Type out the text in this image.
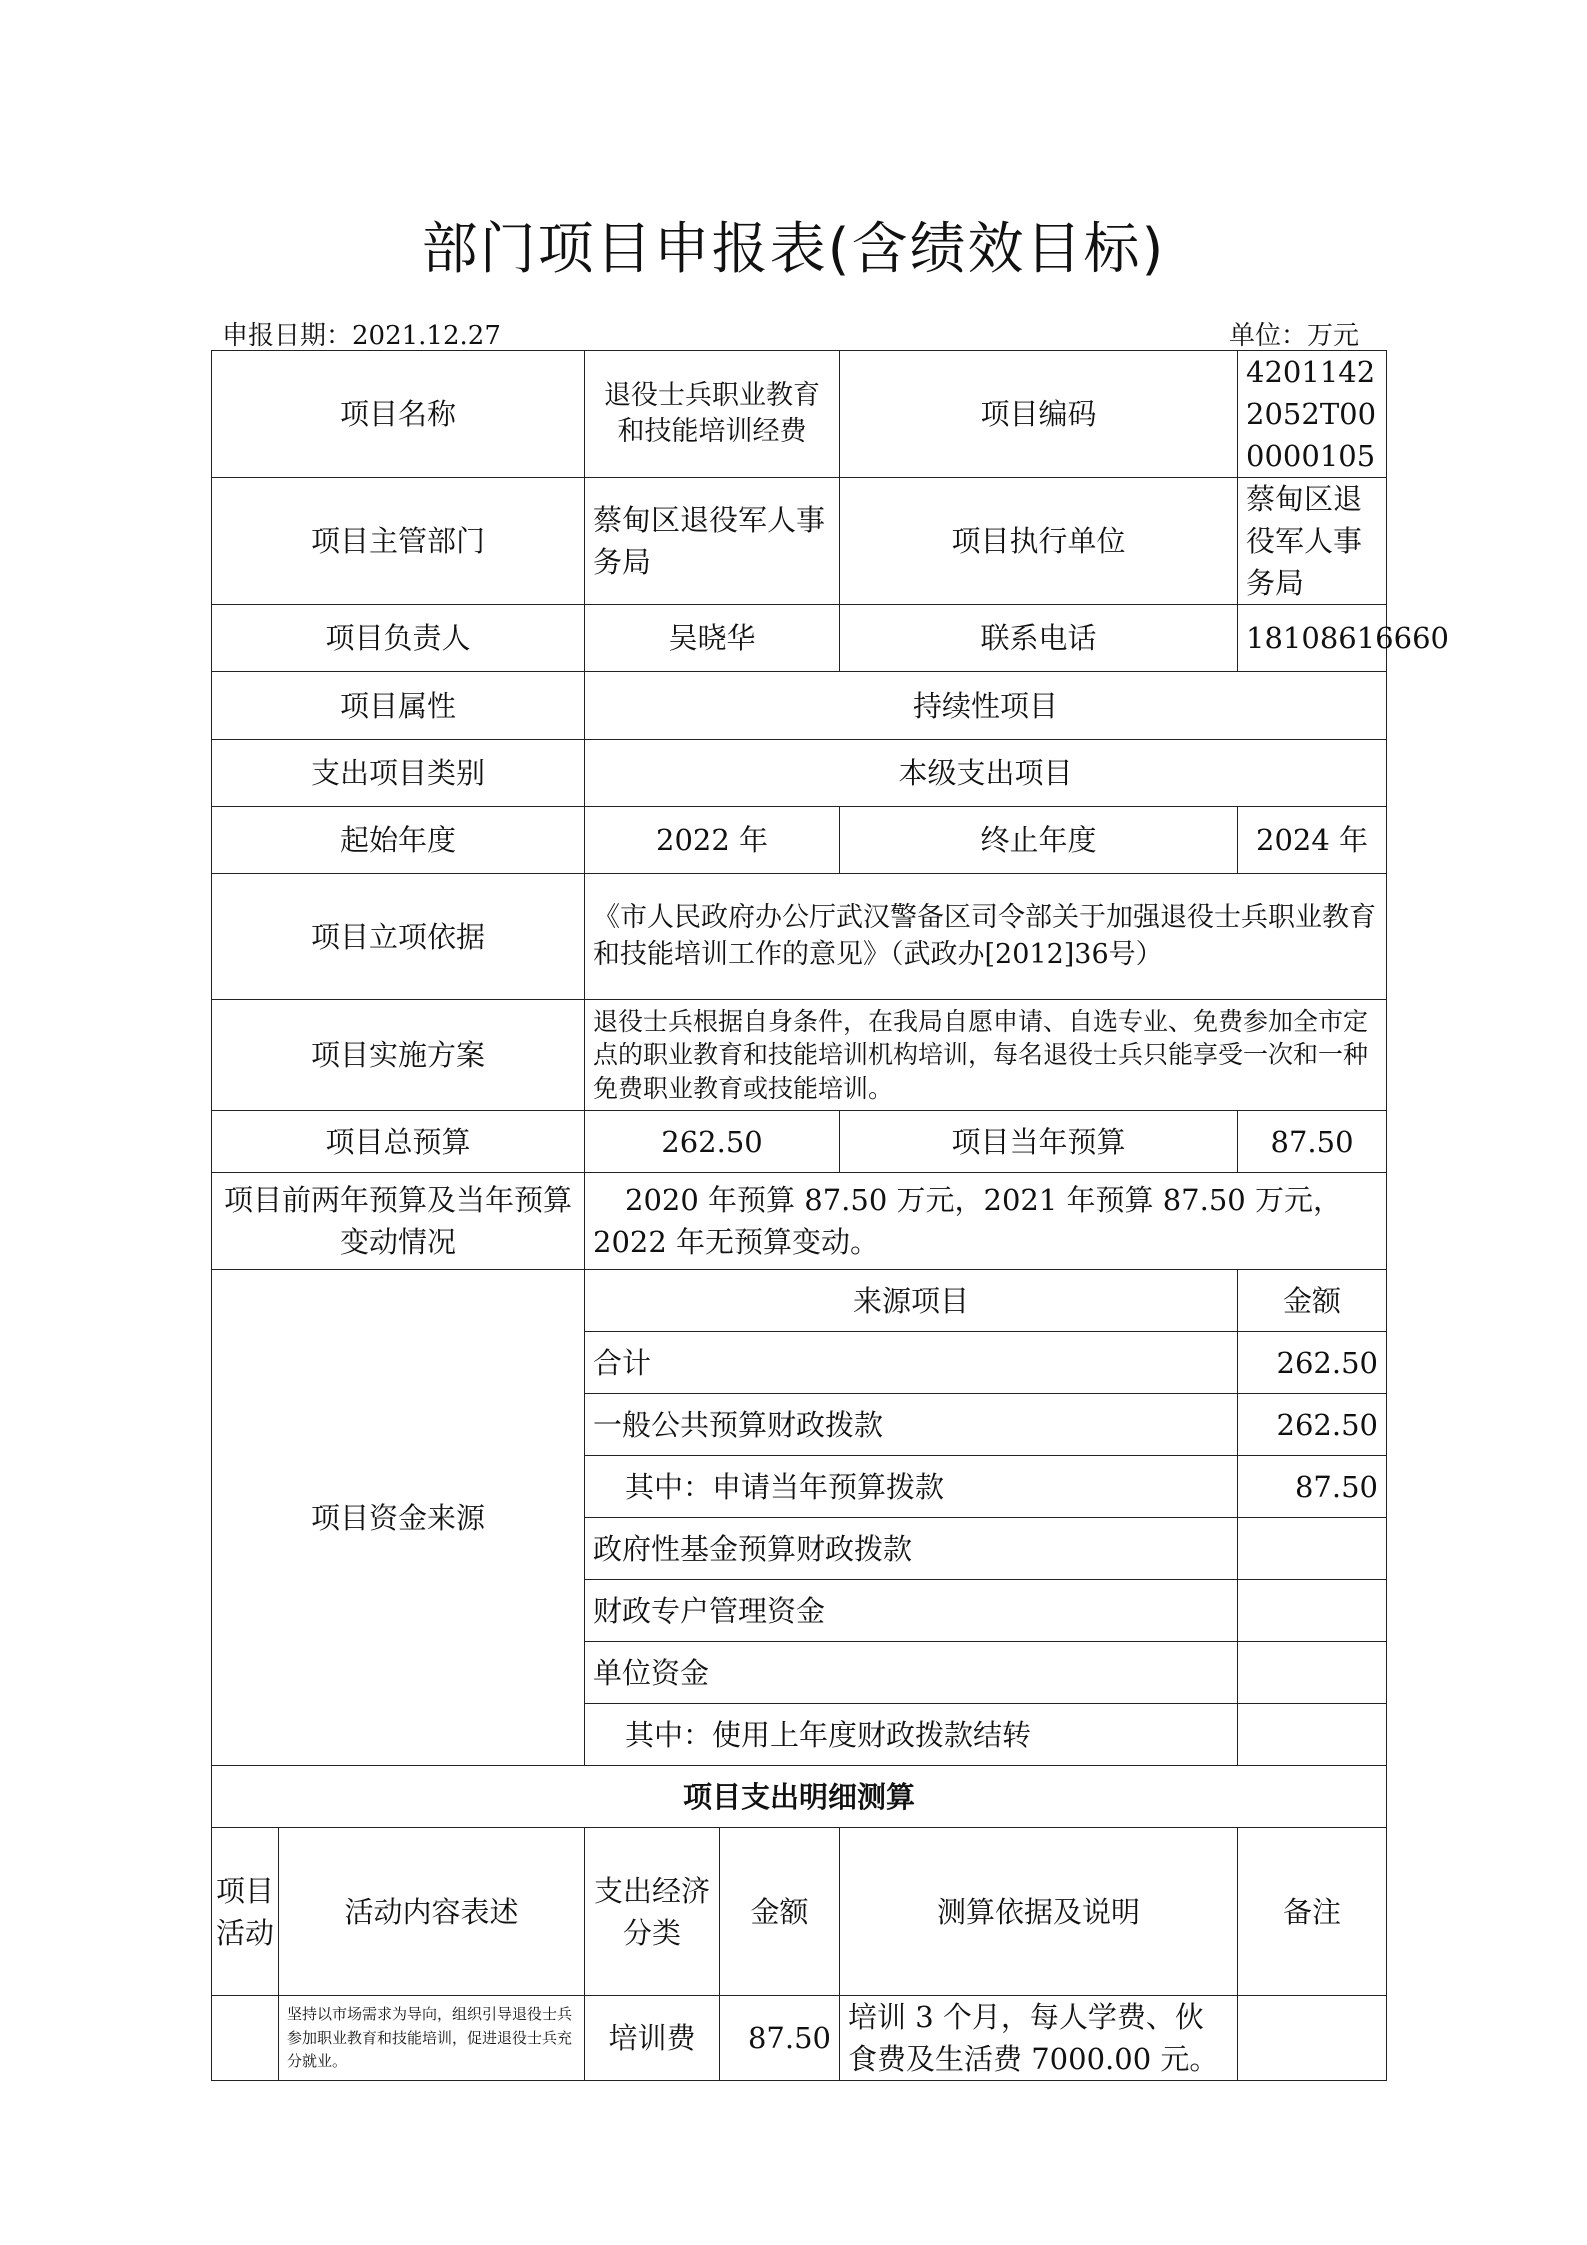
部门项目申报表(含绩效目标)
申报日期：2021.12.27	单位：万元
项目名称		退役士兵职业教育和技能培训经费		项目编码	42011422052T000000105
项目主管部门		蔡甸区退役军人事务局		项目执行单位	蔡甸区退役军人事务局
项目负责人		吴晓华		联系电话	18108616660
项目属性		持续性项目			
支出项目类别		本级支出项目			
起始年度		2022 年		终止年度	2024 年
项目立项依据		《市人民政府办公厅武汉警备区司令部关于加强退役士兵职业教育和技能培训工作的意见》（武政办[2012]36号）			
项目实施方案		退役士兵根据自身条件，在我局自愿申请、自选专业、免费参加全市定点的职业教育和技能培训机构培训，每名退役士兵只能享受一次和一种免费职业教育或技能培训。			
项目总预算		262.50		项目当年预算	87.50
项目前两年预算及当年预算变动情况		2020 年预算 87.50 万元，2021 年预算 87.50 万元，2022 年无预算变动。			
项目资金来源		来源项目			金额
		合计			262.50
		一般公共预算财政拨款			262.50
		其中：申请当年预算拨款			87.50
		政府性基金预算财政拨款			
		财政专户管理资金			
		单位资金			
		其中：使用上年度财政拨款结转			
项目支出明细测算					
项目活动	活动内容表述	支出经济分类	金额	测算依据及说明	备注
	坚持以市场需求为导向，组织引导退役士兵参加职业教育和技能培训，促进退役士兵充分就业。	培训费	87.50	培训 3 个月，每人学费、伙食费及生活费 7000.00 元。	
